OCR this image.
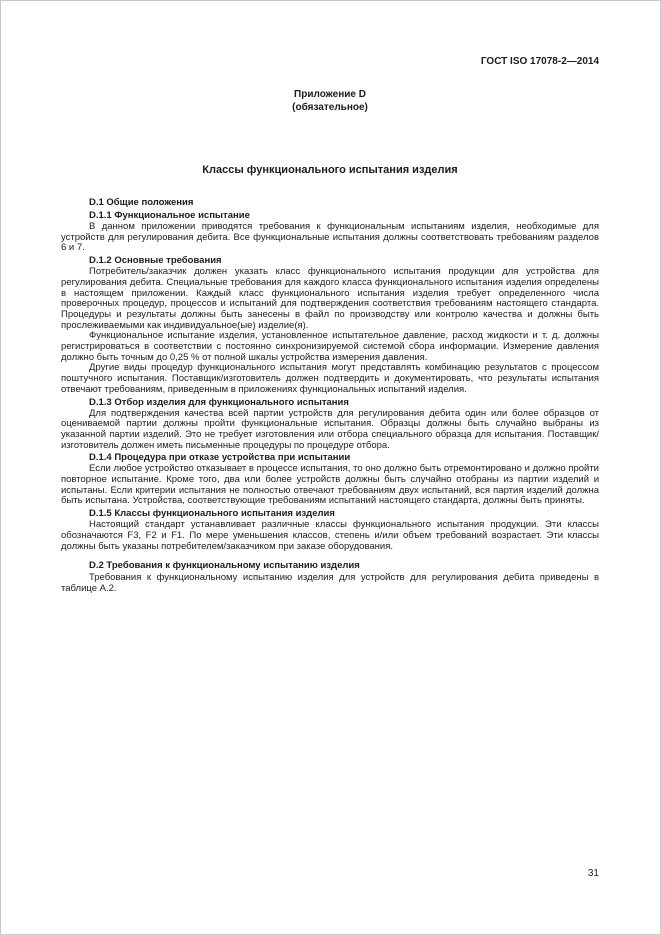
ГОСТ ISO 17078-2—2014
Приложение D
(обязательное)
Классы функционального испытания изделия
D.1 Общие положения
D.1.1 Функциональное испытание

В данном приложении приводятся требования к функциональным испытаниям изделия, необходимые для устройств для регулирования дебита. Все функциональные испытания должны соответствовать требованиям разделов 6 и 7.

D.1.2 Основные требования

Потребитель/заказчик должен указать класс функционального испытания продукции для устройства для регулирования дебита. Специальные требования для каждого класса функционального испытания изделия определены в настоящем приложении. Каждый класс функционального испытания изделия требует определенного числа проверочных процедур, процессов и испытаний для подтверждения соответствия требованиям настоящего стандарта. Процедуры и результаты должны быть занесены в файл по производству или контролю качества и должны быть прослеживаемыми как индивидуальное(ые) изделие(я).

Функциональное испытание изделия, установленное испытательное давление, расход жидкости и т. д. должны регистрироваться в соответствии с постоянно синхронизируемой системой сбора информации. Измерение давления должно быть точным до 0,25 % от полной шкалы устройства измерения давления.

Другие виды процедур функционального испытания могут представлять комбинацию результатов с процессом поштучного испытания. Поставщик/изготовитель должен подтвердить и документировать, что результаты испытания отвечают требованиям, приведенным в приложениях функциональных испытаний изделия.

D.1.3 Отбор изделия для функционального испытания

Для подтверждения качества всей партии устройств для регулирования дебита один или более образцов от оцениваемой партии должны пройти функциональные испытания. Образцы должны быть случайно выбраны из указанной партии изделий. Это не требует изготовления или отбора специального образца для испытания. Поставщик/изготовитель должен иметь письменные процедуры по процедуре отбора.

D.1.4 Процедура при отказе устройства при испытании

Если любое устройство отказывает в процессе испытания, то оно должно быть отремонтировано и должно пройти повторное испытание. Кроме того, два или более устройств должны быть случайно отобраны из партии изделий и испытаны. Если критерии испытания не полностью отвечают требованиям двух испытаний, вся партия изделий должна быть испытана. Устройства, соответствующие требованиям испытаний настоящего стандарта, должны быть приняты.

D.1.5 Классы функционального испытания изделия

Настоящий стандарт устанавливает различные классы функционального испытания продукции. Эти классы обозначаются F3, F2 и F1. По мере уменьшения классов, степень и/или объем требований возрастает. Эти классы должны быть указаны потребителем/заказчиком при заказе оборудования.

D.2 Требования к функциональному испытанию изделия

Требования к функциональному испытанию изделия для устройств для регулирования дебита приведены в таблице А.2.

31
